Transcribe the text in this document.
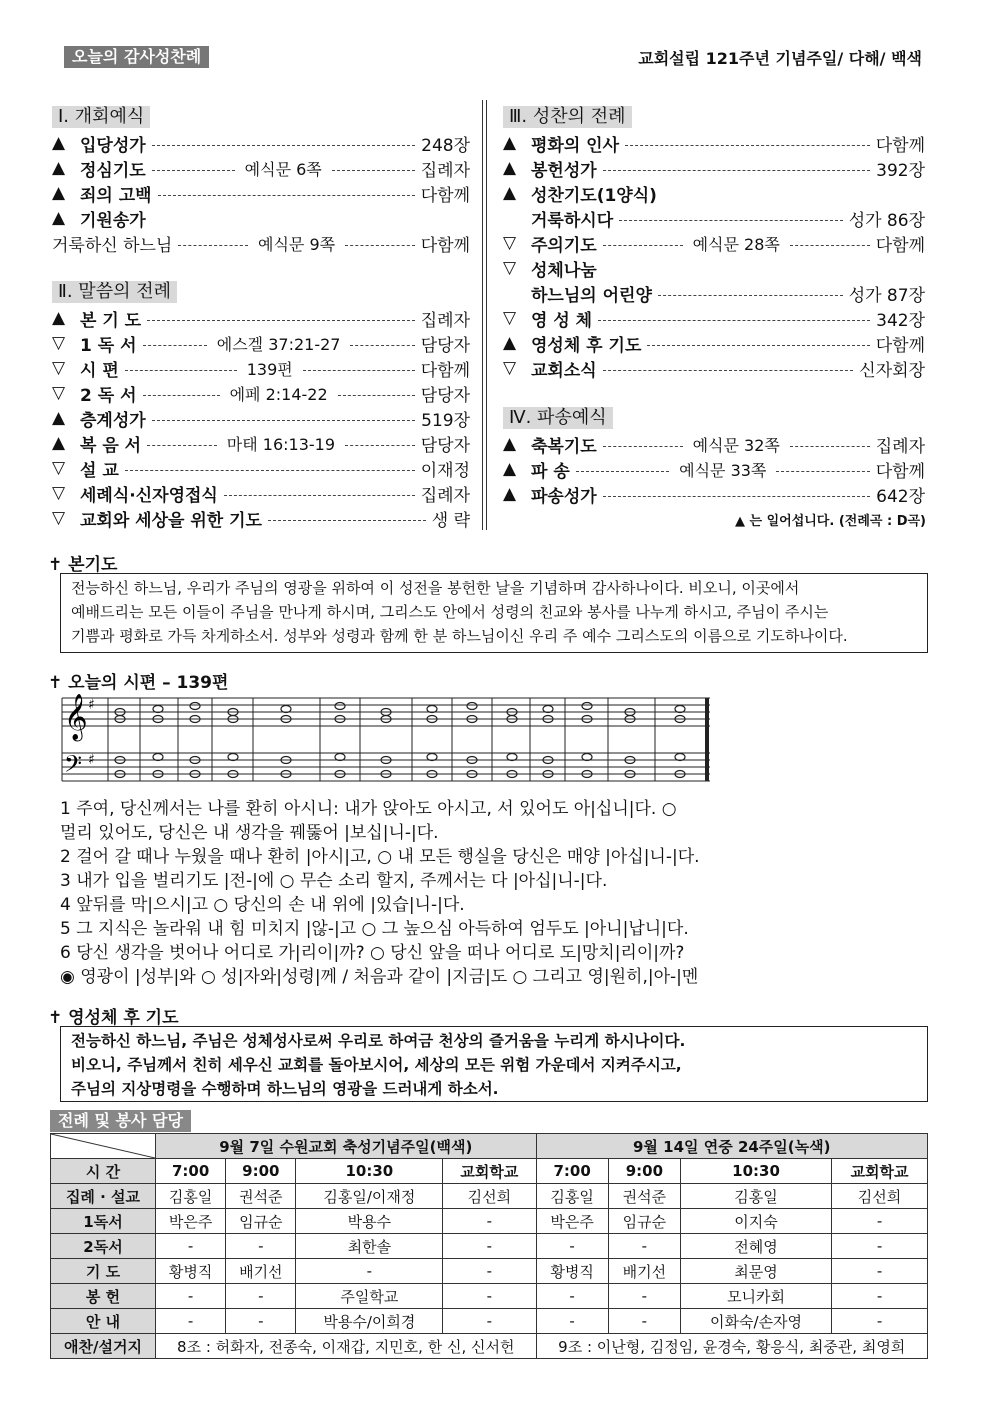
오늘의 감사성찬례	교회설립 121주년 기념주일/ 다해/ 백색
Ⅰ. 개회예식
▲ 입당성가	248장
▲ 정심기도	예식문 6쪽	집례자
▲ 죄의 고백	다함께
▲ 기원송가
거룩하신 하느님	예식문 9쪽	다함께
Ⅱ. 말씀의 전례
▲ 본 기 도	집례자
▽ 1 독 서	에스겔 37:21-27	담당자
▽ 시 편	139편	다함께
▽ 2 독 서	에페 2:14-22	담당자
▲ 층계성가	519장
▲ 복 음 서	마태 16:13-19	담당자
▽ 설 교	이재정
▽ 세례식·신자영접식	집례자
▽ 교회와 세상을 위한 기도	생 략
Ⅲ. 성찬의 전례
▲ 평화의 인사	다함께
▲ 봉헌성가	392장
▲ 성찬기도(1양식)
거룩하시다	성가 86장
▽ 주의기도	예식문 28쪽	다함께
▽ 성체나눔
하느님의 어린양	성가 87장
▽ 영 성 체	342장
▲ 영성체 후 기도	다함께
▽ 교회소식	신자회장
Ⅳ. 파송예식
▲ 축복기도	예식문 32쪽	집례자
▲ 파 송	예식문 33쪽	다함께
▲ 파송성가	642장
▲ 는 일어섭니다. (전례곡 : D곡)
✝ 본기도
전능하신 하느님, 우리가 주님의 영광을 위하여 이 성전을 봉헌한 날을 기념하며 감사하나이다. 비오니, 이곳에서
예배드리는 모든 이들이 주님을 만나게 하시며, 그리스도 안에서 성령의 친교와 봉사를 나누게 하시고, 주님이 주시는
기쁨과 평화로 가득 차게하소서. 성부와 성령과 함께 한 분 하느님이신 우리 주 예수 그리스도의 이름으로 기도하나이다.
✝ 오늘의 시편 – 139편
𝄞
𝄢
♯
♯
1 주여, 당신께서는 나를 환히 아시니: 내가 앉아도 아시고, 서 있어도 아|십니|다. ○
멀리 있어도, 당신은 내 생각을 꿰뚫어 |보십|니-|다.
2 걸어 갈 때나 누웠을 때나 환히 |아시|고, ○ 내 모든 행실을 당신은 매양 |아십|니-|다.
3 내가 입을 벌리기도 |전-|에 ○ 무슨 소리 할지, 주께서는 다 |아십|니-|다.
4 앞뒤를 막|으시|고 ○ 당신의 손 내 위에 |있습|니-|다.
5 그 지식은 놀라워 내 힘 미치지 |않-|고 ○ 그 높으심 아득하여 엄두도 |아니|납니|다.
6 당신 생각을 벗어나 어디로 가|리이|까? ○ 당신 앞을 떠나 어디로 도|망치|리이|까?
◉ 영광이 |성부|와 ○ 성|자와|성령|께 / 처음과 같이 |지금|도 ○ 그리고 영|원히,|아-|멘
✝ 영성체 후 기도
전능하신 하느님, 주님은 성체성사로써 우리로 하여금 천상의 즐거움을 누리게 하시나이다.
비오니, 주님께서 친히 세우신 교회를 돌아보시어, 세상의 모든 위험 가운데서 지켜주시고,
주님의 지상명령을 수행하며 하느님의 영광을 드러내게 하소서.
전례 및 봉사 담당
	9월 7일 수원교회 축성기념주일(백색)				9월 14일 연중 24주일(녹색)			
시 간	7:00	9:00	10:30	교회학교	7:00	9:00	10:30	교회학교
집례 · 설교	김홍일	권석준	김홍일/이재정	김선희	김홍일	권석준	김홍일	김선희
1독서	박은주	임규순	박용수	-	박은주	임규순	이지숙	-
2독서	-	-	최한솔	-	-	-	전혜영	-
기 도	황병직	배기선	-	-	황병직	배기선	최문영	-
봉 헌	-	-	주일학교	-	-	-	모니카회	-
안 내	-	-	박용수/이희경	-	-	-	이화숙/손자영	-
애찬/설거지	8조 : 허화자, 전종숙, 이재갑, 지민호, 한 신, 신서헌				9조 : 이난형, 김정임, 윤경숙, 황응식, 최중관, 최영희			
